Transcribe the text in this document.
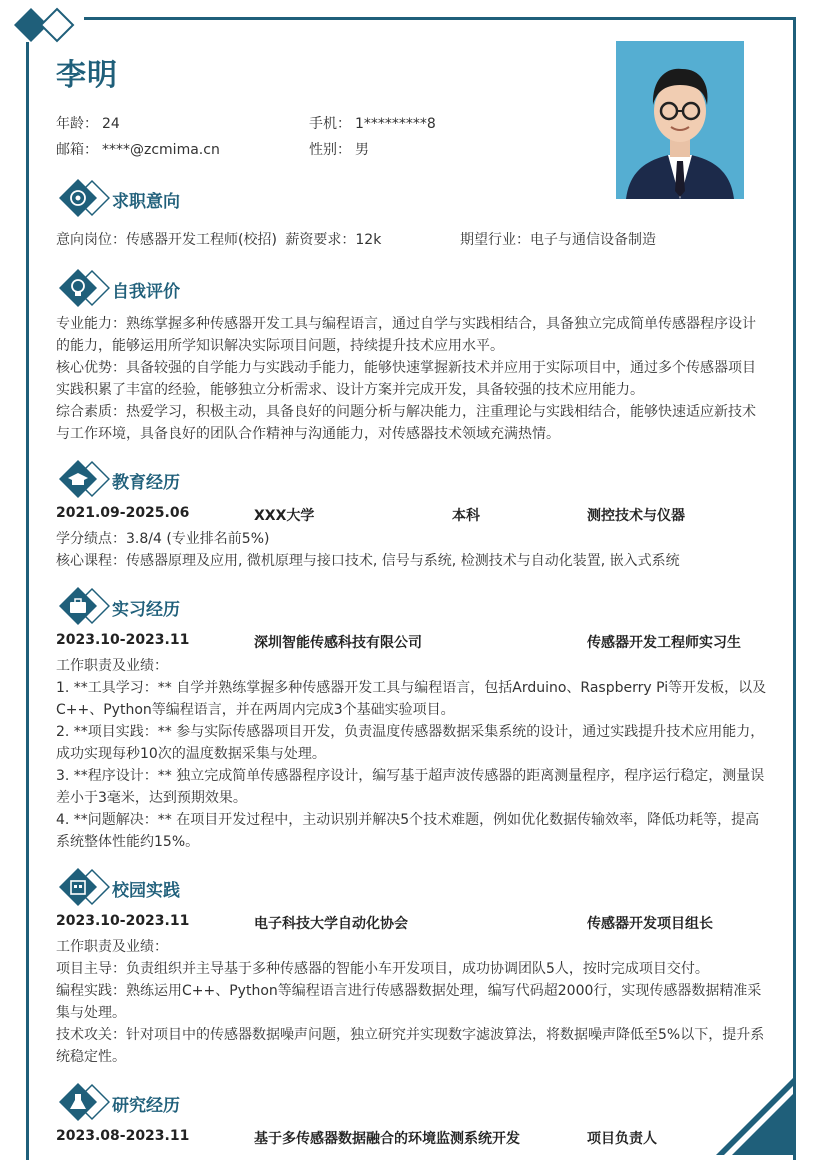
李明
年龄： 24	手机： 1*********8
邮箱： ****@zcmima.cn	性别： 男
求职意向
意向岗位：传感器开发工程师(校招) 薪资要求：12k	期望行业：电子与通信设备制造
自我评价
专业能力：熟练掌握多种传感器开发工具与编程语言，通过自学与实践相结合，具备独立完成简单传感器程序设计的能力，能够运用所学知识解决实际项目问题，持续提升技术应用水平。
核心优势：具备较强的自学能力与实践动手能力，能够快速掌握新技术并应用于实际项目中，通过多个传感器项目实践积累了丰富的经验，能够独立分析需求、设计方案并完成开发，具备较强的技术应用能力。
综合素质：热爱学习，积极主动，具备良好的问题分析与解决能力，注重理论与实践相结合，能够快速适应新技术与工作环境，具备良好的团队合作精神与沟通能力，对传感器技术领域充满热情。
教育经历
2021.09-2025.06	XXX大学	本科	测控技术与仪器
学分绩点：3.8/4 (专业排名前5%)
核心课程：传感器原理及应用, 微机原理与接口技术, 信号与系统, 检测技术与自动化装置, 嵌入式系统
实习经历
2023.10-2023.11	深圳智能传感科技有限公司	传感器开发工程师实习生
工作职责及业绩：
1. **工具学习：** 自学并熟练掌握多种传感器开发工具与编程语言，包括Arduino、Raspberry Pi等开发板，以及C++、Python等编程语言，并在两周内完成3个基础实验项目。
2. **项目实践：** 参与实际传感器项目开发，负责温度传感器数据采集系统的设计，通过实践提升技术应用能力，成功实现每秒10次的温度数据采集与处理。
3. **程序设计：** 独立完成简单传感器程序设计，编写基于超声波传感器的距离测量程序，程序运行稳定，测量误差小于3毫米，达到预期效果。
4. **问题解决：** 在项目开发过程中，主动识别并解决5个技术难题，例如优化数据传输效率，降低功耗等，提高系统整体性能约15%。
校园实践
2023.10-2023.11	电子科技大学自动化协会	传感器开发项目组长
工作职责及业绩：
项目主导：负责组织并主导基于多种传感器的智能小车开发项目，成功协调团队5人，按时完成项目交付。
编程实践：熟练运用C++、Python等编程语言进行传感器数据处理，编写代码超2000行，实现传感器数据精准采集与处理。
技术攻关：针对项目中的传感器数据噪声问题，独立研究并实现数字滤波算法，将数据噪声降低至5%以下，提升系统稳定性。
研究经历
2023.08-2023.11	基于多传感器数据融合的环境监测系统开发	项目负责人
